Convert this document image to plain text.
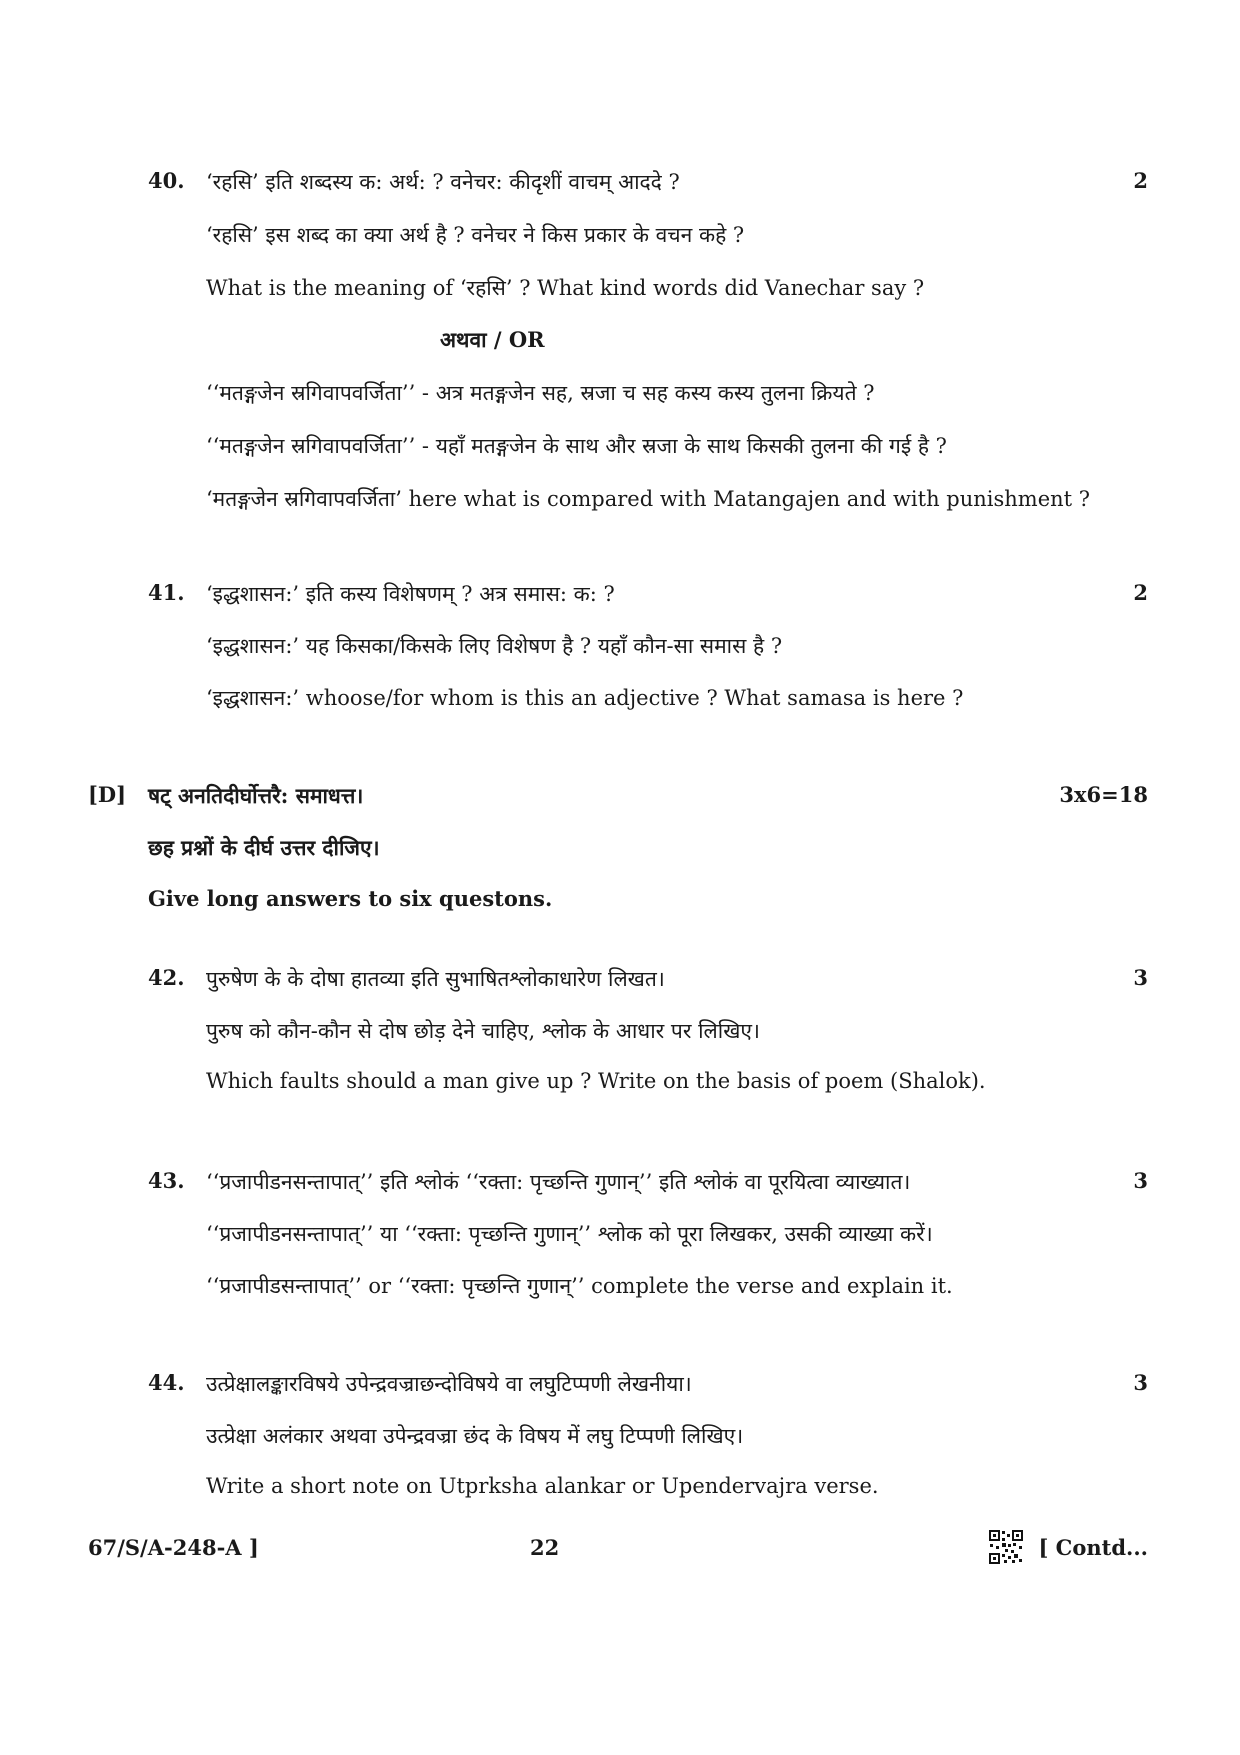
40.	2
‘रहसि’ इति शब्दस्य क: अर्थ: ? वनेचर: कीदृशीं वाचम् आददे ?
‘रहसि’ इस शब्द का क्या अर्थ है ? वनेचर ने किस प्रकार के वचन कहे ?
What is the meaning of ‘रहसि’ ? What kind words did Vanechar say ?
अथवा / OR
‘‘मतङ्गजेन स्रगिवापवर्जिता’’ - अत्र मतङ्गजेन सह, स्रजा च सह कस्य कस्य तुलना क्रियते ?
‘‘मतङ्गजेन स्रगिवापवर्जिता’’ - यहाँ मतङ्गजेन के साथ और स्रजा के साथ किसकी तुलना की गई है ?
‘मतङ्गजेन स्रगिवापवर्जिता’ here what is compared with Matangajen and with punishment ?
41.	2
‘इद्धशासन:’ इति कस्य विशेषणम् ? अत्र समास: क: ?
‘इद्धशासन:’ यह किसका/किसके लिए विशेषण है ? यहाँ कौन-सा समास है ?
‘इद्धशासन:’ whoose/for whom is this an adjective ? What samasa is here ?
[D]	3x6=18
षट् अनतिदीर्घोत्तरै: समाधत्त।
छह प्रश्नों के दीर्घ उत्तर दीजिए।
Give long answers to six questons.
42.	3
पुरुषेण के के दोषा हातव्या इति सुभाषितश्लोकाधारेण लिखत।
पुरुष को कौन-कौन से दोष छोड़ देने चाहिए, श्लोक के आधार पर लिखिए।
Which faults should a man give up ? Write on the basis of poem (Shalok).
43.	3
‘‘प्रजापीडनसन्तापात्’’ इति श्लोकं ‘‘रक्ता: पृच्छन्ति गुणान्’’ इति श्लोकं वा पूरयित्वा व्याख्यात।
‘‘प्रजापीडनसन्तापात्’’ या ‘‘रक्ता: पृच्छन्ति गुणान्’’ श्लोक को पूरा लिखकर, उसकी व्याख्या करें।
‘‘प्रजापीडसन्तापात्’’ or ‘‘रक्ता: पृच्छन्ति गुणान्’’ complete the verse and explain it.
44.	3
उत्प्रेक्षालङ्कारविषये उपेन्द्रवज्राछन्दोविषये वा लघुटिप्पणी लेखनीया।
उत्प्रेक्षा अलंकार अथवा उपेन्द्रवज्रा छंद के विषय में लघु टिप्पणी लिखिए।
Write a short note on Utprksha alankar or Upendervajra verse.
67/S/A-248-A ]	22	[ Contd...
